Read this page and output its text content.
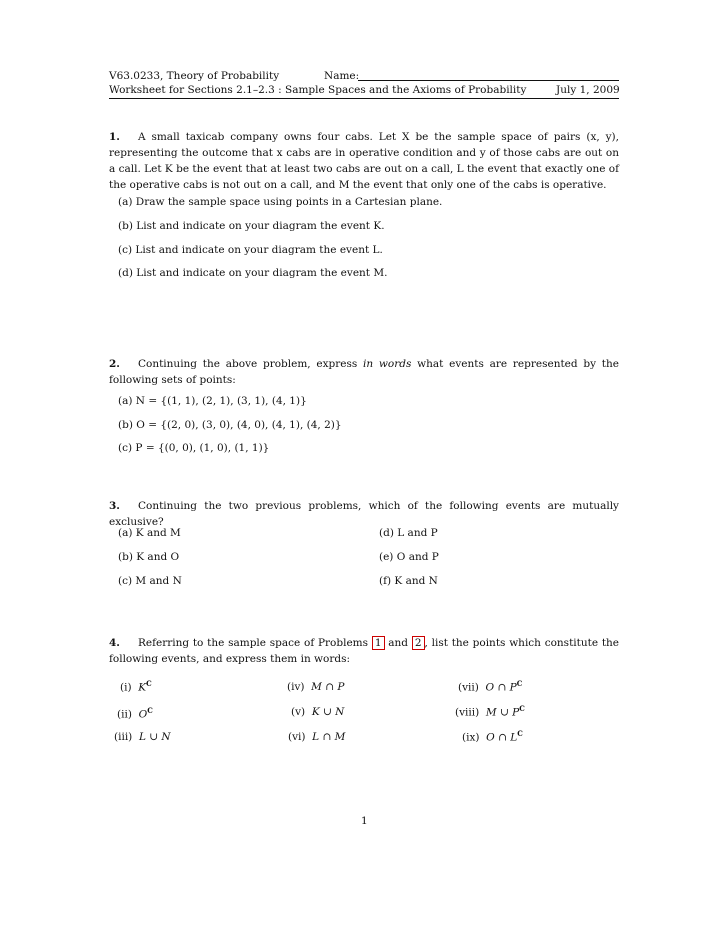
V63.0233, Theory of Probability	Name:
Worksheet for Sections 2.1–2.3 : Sample Spaces and the Axioms of Probability	July 1, 2009
1. A small taxicab company owns four cabs. Let X be the sample space of pairs (x, y), representing the outcome that x cabs are in operative condition and y of those cabs are out on a call. Let K be the event that at least two cabs are out on a call, L the event that exactly one of the operative cabs is not out on a call, and M the event that only one of the cabs is operative.
(a) Draw the sample space using points in a Cartesian plane.
(b) List and indicate on your diagram the event K.
(c) List and indicate on your diagram the event L.
(d) List and indicate on your diagram the event M.
2. Continuing the above problem, express in words what events are represented by the following sets of points:
(a) N = {(1, 1), (2, 1), (3, 1), (4, 1)}
(b) O = {(2, 0), (3, 0), (4, 0), (4, 1), (4, 2)}
(c) P = {(0, 0), (1, 0), (1, 1)}
3. Continuing the two previous problems, which of the following events are mutually exclusive?
(a) K and M
(b) K and O
(c) M and N
(d) L and P
(e) O and P
(f) K and N
4. Referring to the sample space of Problems 1 and 2 , list the points which constitute the following events, and express them in words:
(i) $K^C$
(ii) $O^C$
(iii) L ∪ N
(iv) M ∩ P
(v) K ∪ N
(vi) L ∩ M
(vii) O ∩ $P^C$
(viii) M ∪ $P^C$
(ix) O ∩ $L^C$
1
